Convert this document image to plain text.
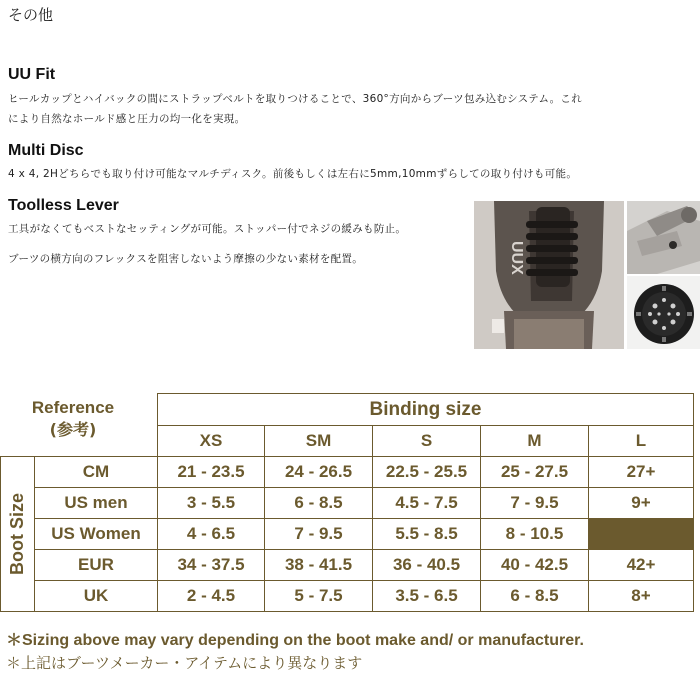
その他
UU Fit
ヒールカップとハイバックの間にストラップベルトを取りつけることで、360°方向からブーツ包み込むシステム。これ
により自然なホールド感と圧力の均一化を実現。
Multi Disc
4 x 4, 2Hどちらでも取り付け可能なマルチディスク。前後もしくは左右に5mm,10mmずらしての取り付けも可能。
Toolless Lever
工具がなくてもベストなセッティングが可能。ストッパー付でネジの緩みも防止。
ブーツの横方向のフレックスを阻害しないよう摩擦の少ない素材を配置。	UUX
Reference
(参考)
		Binding size				
		XS	SM	S	M	L

Boot Size	CM	21 - 23.5	24 - 26.5	22.5 - 25.5	25 - 27.5	27+
	US men	3 - 5.5	6 - 8.5	4.5 - 7.5	7 - 9.5	9+
	US Women	4 - 6.5	7 - 9.5	5.5 - 8.5	8 - 10.5	
	EUR	34 - 37.5	38 - 41.5	36 - 40.5	40 - 42.5	42+
	UK	2 - 4.5	5 - 7.5	3.5 - 6.5	6 - 8.5	8+
＊Sizing above may vary depending on the boot make and/ or manufacturer.
＊上記はブーツメーカー・アイテムにより異なります
